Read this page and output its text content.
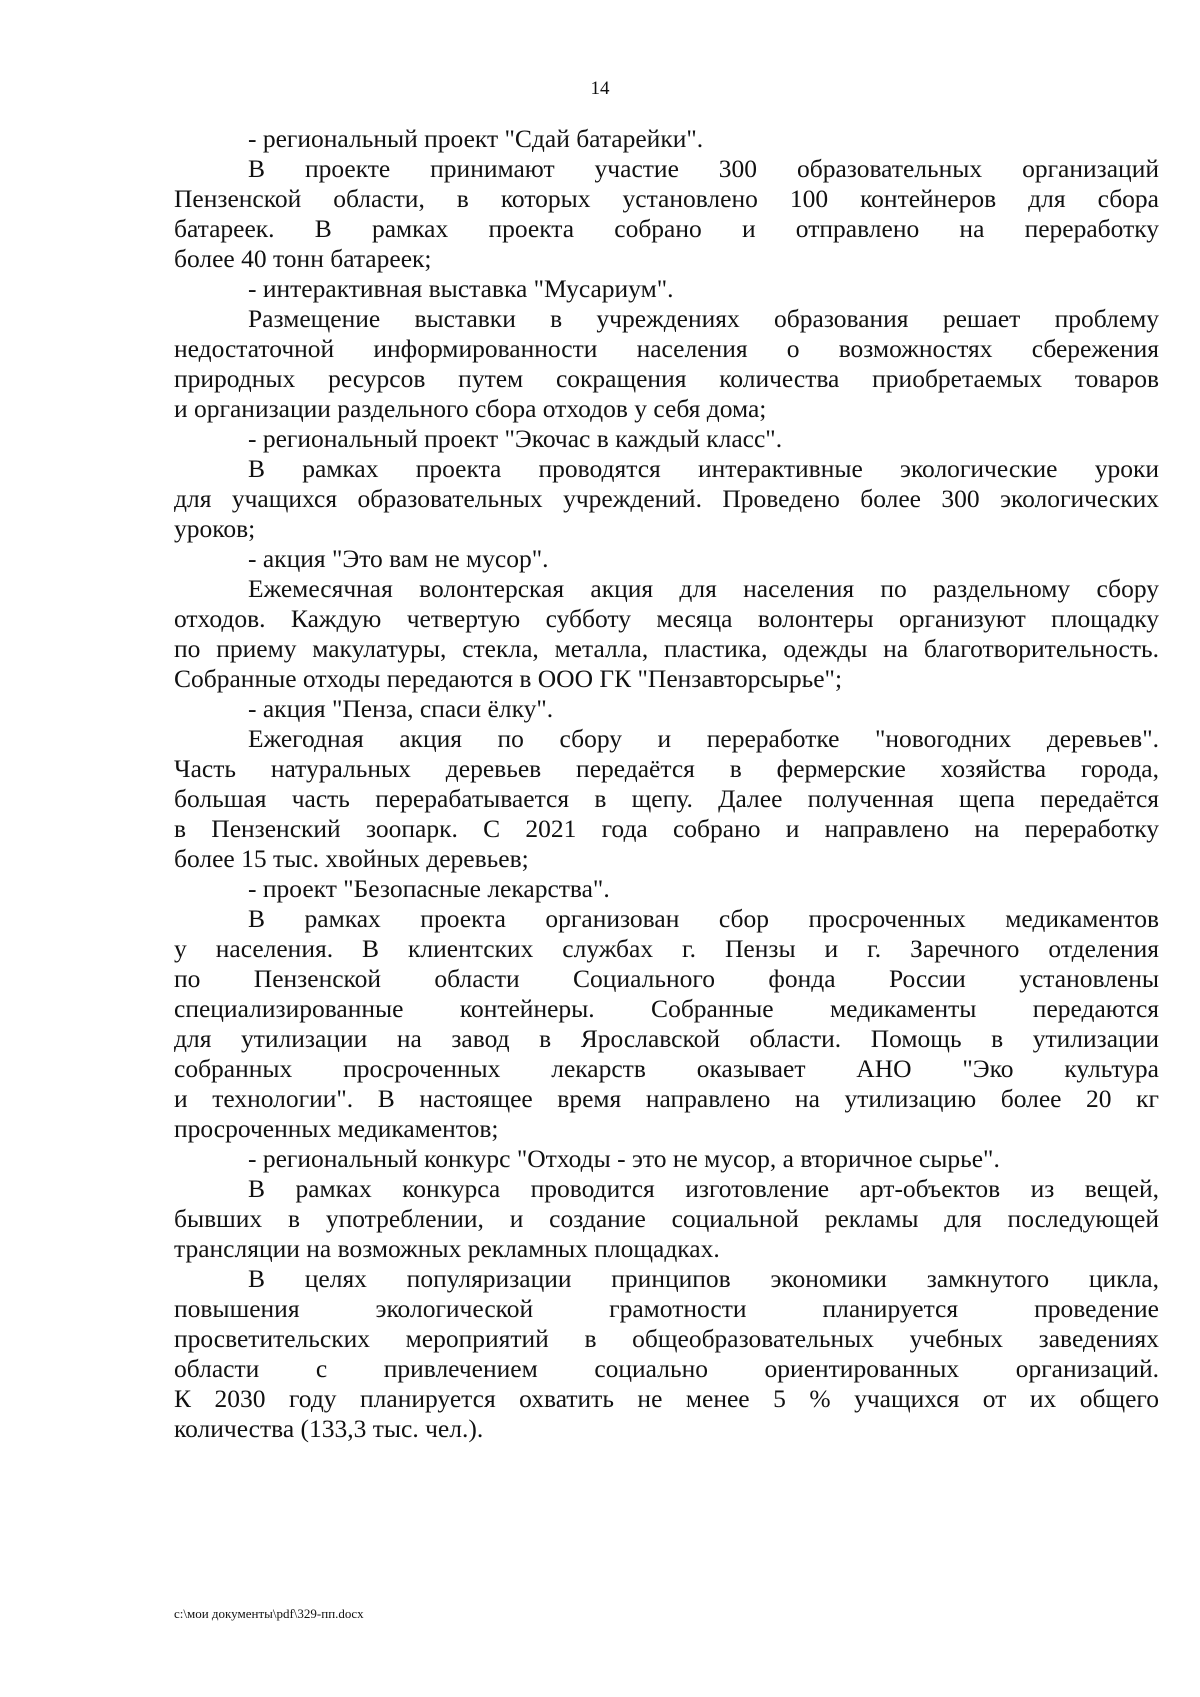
14
- региональный проект "Сдай батарейки".
В проекте принимают участие 300 образовательных организаций
Пензенской области, в которых установлено 100 контейнеров для сбора
батареек. В рамках проекта собрано и отправлено на переработку
более 40 тонн батареек;
- интерактивная выставка "Мусариум".
Размещение выставки в учреждениях образования решает проблему
недостаточной информированности населения о возможностях сбережения
природных ресурсов путем сокращения количества приобретаемых товаров
и организации раздельного сбора отходов у себя дома;
- региональный проект "Экочас в каждый класс".
В рамках проекта проводятся интерактивные экологические уроки
для учащихся образовательных учреждений. Проведено более 300 экологических
уроков;
- акция "Это вам не мусор".
Ежемесячная волонтерская акция для населения по раздельному сбору
отходов. Каждую четвертую субботу месяца волонтеры организуют площадку
по приему макулатуры, стекла, металла, пластика, одежды на благотворительность.
Собранные отходы передаются в ООО ГК "Пензавторсырье";
- акция "Пенза, спаси ёлку".
Ежегодная акция по сбору и переработке "новогодних деревьев".
Часть натуральных деревьев передаётся в фермерские хозяйства города,
большая часть перерабатывается в щепу. Далее полученная щепа передаётся
в Пензенский зоопарк. С 2021 года собрано и направлено на переработку
более 15 тыс. хвойных деревьев;
- проект "Безопасные лекарства".
В рамках проекта организован сбор просроченных медикаментов
у населения. В клиентских службах г. Пензы и г. Заречного отделения
по Пензенской области Социального фонда России установлены
специализированные контейнеры. Собранные медикаменты передаются
для утилизации на завод в Ярославской области. Помощь в утилизации
собранных просроченных лекарств оказывает АНО "Эко культура
и технологии". В настоящее время направлено на утилизацию более 20 кг
просроченных медикаментов;
- региональный конкурс "Отходы - это не мусор, а вторичное сырье".
В рамках конкурса проводится изготовление арт-объектов из вещей,
бывших в употреблении, и создание социальной рекламы для последующей
трансляции на возможных рекламных площадках.
В целях популяризации принципов экономики замкнутого цикла,
повышения экологической грамотности планируется проведение
просветительских мероприятий в общеобразовательных учебных заведениях
области с привлечением социально ориентированных организаций.
К 2030 году планируется охватить не менее 5 % учащихся от их общего
количества (133,3 тыс. чел.).
c:\мои документы\pdf\329-пп.docx
